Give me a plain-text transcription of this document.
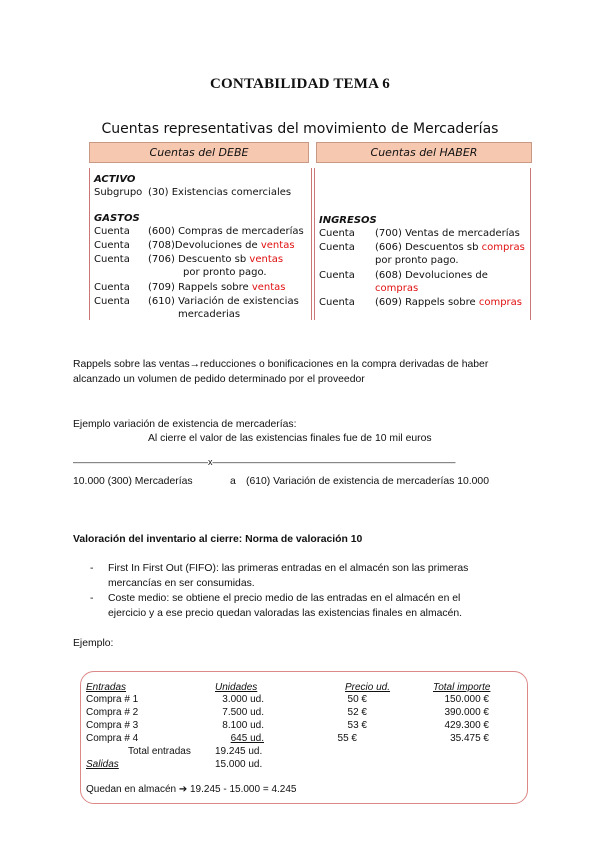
CONTABILIDAD TEMA 6
Cuentas representativas del movimiento de Mercaderías
Cuentas del DEBE	Cuentas del HABER
ACTIVO
Subgrupo (30) Existencias comerciales
GASTOS
Cuenta (600) Compras de mercaderías
Cuenta (708)Devoluciones de ventas
Cuenta (706) Descuento sb ventas
por pronto pago.
Cuenta (709) Rappels sobre ventas
Cuenta (610) Variación de existencias
mercaderias
INGRESOS
Cuenta (700) Ventas de mercaderías
Cuenta (606) Descuentos sb compras
por pronto pago.
Cuenta (608) Devoluciones de
compras
Cuenta (609) Rappels sobre compras
Rappels sobre las ventas→reducciones o bonificaciones en la compra derivadas de haber
alcanzado un volumen de pedido determinado por el proveedor
Ejemplo variación de existencia de mercaderías:
Al cierre el valor de las existencias finales fue de 10 mil euros
———————————————x———————————————————————————
10.000 (300) Mercaderías	a (610) Variación de existencia de mercaderías 10.000
Valoración del inventario al cierre: Norma de valoración 10
- First In First Out (FIFO): las primeras entradas en el almacén son las primeras
mercancías en ser consumidas.
- Coste medio: se obtiene el precio medio de las entradas en el almacén en el
ejercicio y a ese precio quedan valoradas las existencias finales en almacén.
Ejemplo:
Entradas	Unidades	Precio ud.	Total importe
Compra # 1	3.000 ud.	50 €	150.000 €
Compra # 2	7.500 ud.	52 €	390.000 €
Compra # 3	8.100 ud.	53 €	429.300 €
Compra # 4	645 ud.	55 €	35.475 €
Total entradas 19.245 ud.
Salidas	15.000 ud.
Quedan en almacén ➔ 19.245 - 15.000 = 4.245
